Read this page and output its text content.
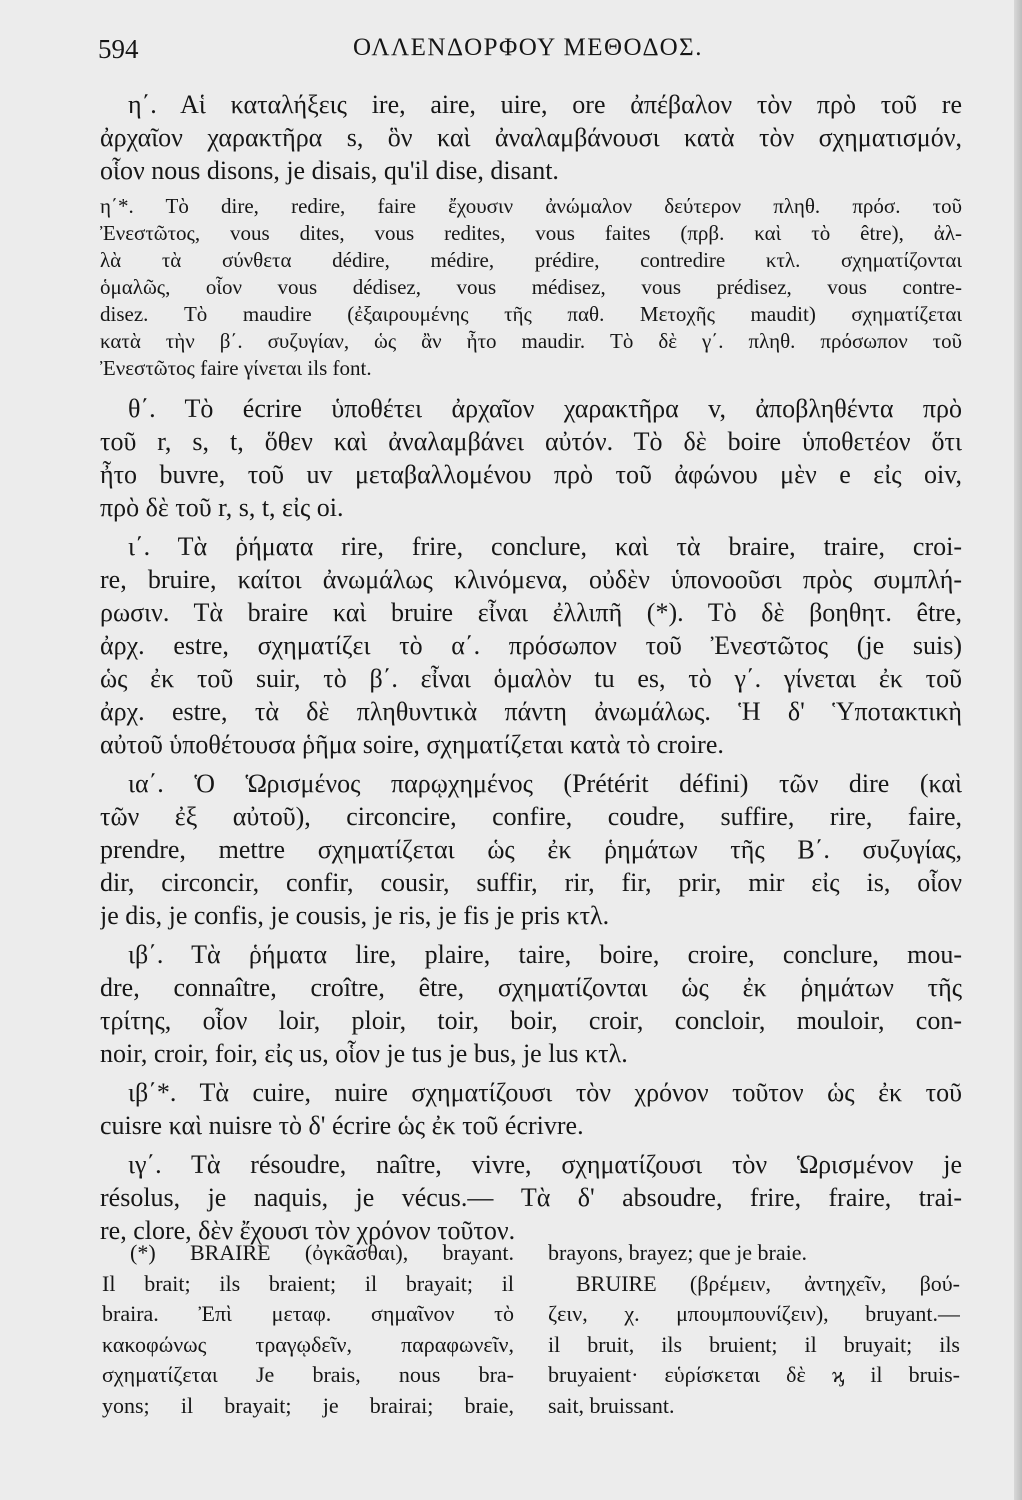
ΟΛΛΕΝΔΟΡΦΟΥ ΜΕΘΟΔΟΣ.
594
η΄. Αἱ καταλήξεις ire, aire, uire, ore ἀπέβαλον τὸν πρὸ τοῦ re
ἀρχαῖον χαρακτῆρα s, ὃν καὶ ἀναλαμβάνουσι κατὰ τὸν σχηματισμόν,
οἷον nous disons, je disais, qu'il dise, disant.
η΄*. Τὸ dire, redire, faire ἔχουσιν ἀνώμαλον δεύτερον πληθ. πρόσ. τοῦ
Ἐνεστῶτος, vous dites, vous redites, vous faites (πρβ. καὶ τὸ être), ἀλ-
λὰ τὰ σύνθετα dédire, médire, prédire, contredire κτλ. σχηματίζονται
ὁμαλῶς, οἷον vous dédisez, vous médisez, vous prédisez, vous contre-
disez. Τὸ maudire (ἐξαιρουμένης τῆς παθ. Μετοχῆς maudit) σχηματίζεται
κατὰ τὴν β΄. συζυγίαν, ὡς ἂν ἦτο maudir. Τὸ δὲ γ΄. πληθ. πρόσωπον τοῦ
Ἐνεστῶτος faire γίνεται ils font.
θ΄. Τὸ écrire ὑποθέτει ἀρχαῖον χαρακτῆρα v, ἀποβληθέντα πρὸ
τοῦ r, s, t, ὅθεν καὶ ἀναλαμβάνει αὐτόν. Τὸ δὲ boire ὑποθετέον ὅτι
ἦτο buvre, τοῦ uv μεταβαλλομένου πρὸ τοῦ ἀφώνου μὲν e εἰς oiv,
πρὸ δὲ τοῦ r, s, t, εἰς oi.
ι΄. Τὰ ῥήματα rire, frire, conclure, καὶ τὰ braire, traire, croi-
re, bruire, καίτοι ἀνωμάλως κλινόμενα, οὐδὲν ὑπονοοῦσι πρὸς συμπλή-
ρωσιν. Τὰ braire καὶ bruire εἶναι ἐλλιπῆ (*). Τὸ δὲ βοηθητ. être,
ἀρχ. estre, σχηματίζει τὸ α΄. πρόσωπον τοῦ Ἐνεστῶτος (je suis)
ὡς ἐκ τοῦ suir, τὸ β΄. εἶναι ὁμαλὸν tu es, τὸ γ΄. γίνεται ἐκ τοῦ
ἀρχ. estre, τὰ δὲ πληθυντικὰ πάντη ἀνωμάλως. Ἡ δ' Ὑποτακτικὴ
αὐτοῦ ὑποθέτουσα ῥῆμα soire, σχηματίζεται κατὰ τὸ croire.
ια΄. Ὁ Ὡρισμένος παρῳχημένος (Prétérit défini) τῶν dire (καὶ
τῶν ἐξ αὐτοῦ), circoncire, confire, coudre, suffire, rire, faire,
prendre, mettre σχηματίζεται ὡς ἐκ ῥημάτων τῆς Β΄. συζυγίας,
dir, circoncir, confir, cousir, suffir, rir, fir, prir, mir εἰς is, οἷον
je dis, je confis, je cousis, je ris, je fis je pris κτλ.
ιβ΄. Τὰ ῥήματα lire, plaire, taire, boire, croire, conclure, mou-
dre, connaître, croître, être, σχηματίζονται ὡς ἐκ ῥημάτων τῆς
τρίτης, οἷον loir, ploir, toir, boir, croir, concloir, mouloir, con-
noir, croir, foir, εἰς us, οἷον je tus je bus, je lus κτλ.
ιβ΄*. Τὰ cuire, nuire σχηματίζουσι τὸν χρόνον τοῦτον ὡς ἐκ τοῦ
cuisre καὶ nuisre τὸ δ' écrire ὡς ἐκ τοῦ écrivre.
ιγ΄. Τὰ résoudre, naître, vivre, σχηματίζουσι τὸν Ὡρισμένον je
résolus, je naquis, je vécus.— Τὰ δ' absoudre, frire, fraire, trai-
re, clore, δὲν ἔχουσι τὸν χρόνον τοῦτον.
(*) BRAIRE (ὀγκᾶσθαι), brayant.
Il brait; ils braient; il brayait; il
braira. Ἐπὶ μεταφ. σημαῖνον τὸ
κακοφώνως τραγῳδεῖν, παραφωνεῖν,
σχηματίζεται Je brais, nous bra-
yons; il brayait; je brairai; braie,
brayons, brayez; que je braie.
BRUIRE (βρέμειν, ἀντηχεῖν, βού-
ζειν, χ. μπουμπουνίζειν), bruyant.—
il bruit, ils bruient; il bruyait; ils
bruyaient· εὑρίσκεται δὲ ϗ il bruis-
sait, bruissant.
